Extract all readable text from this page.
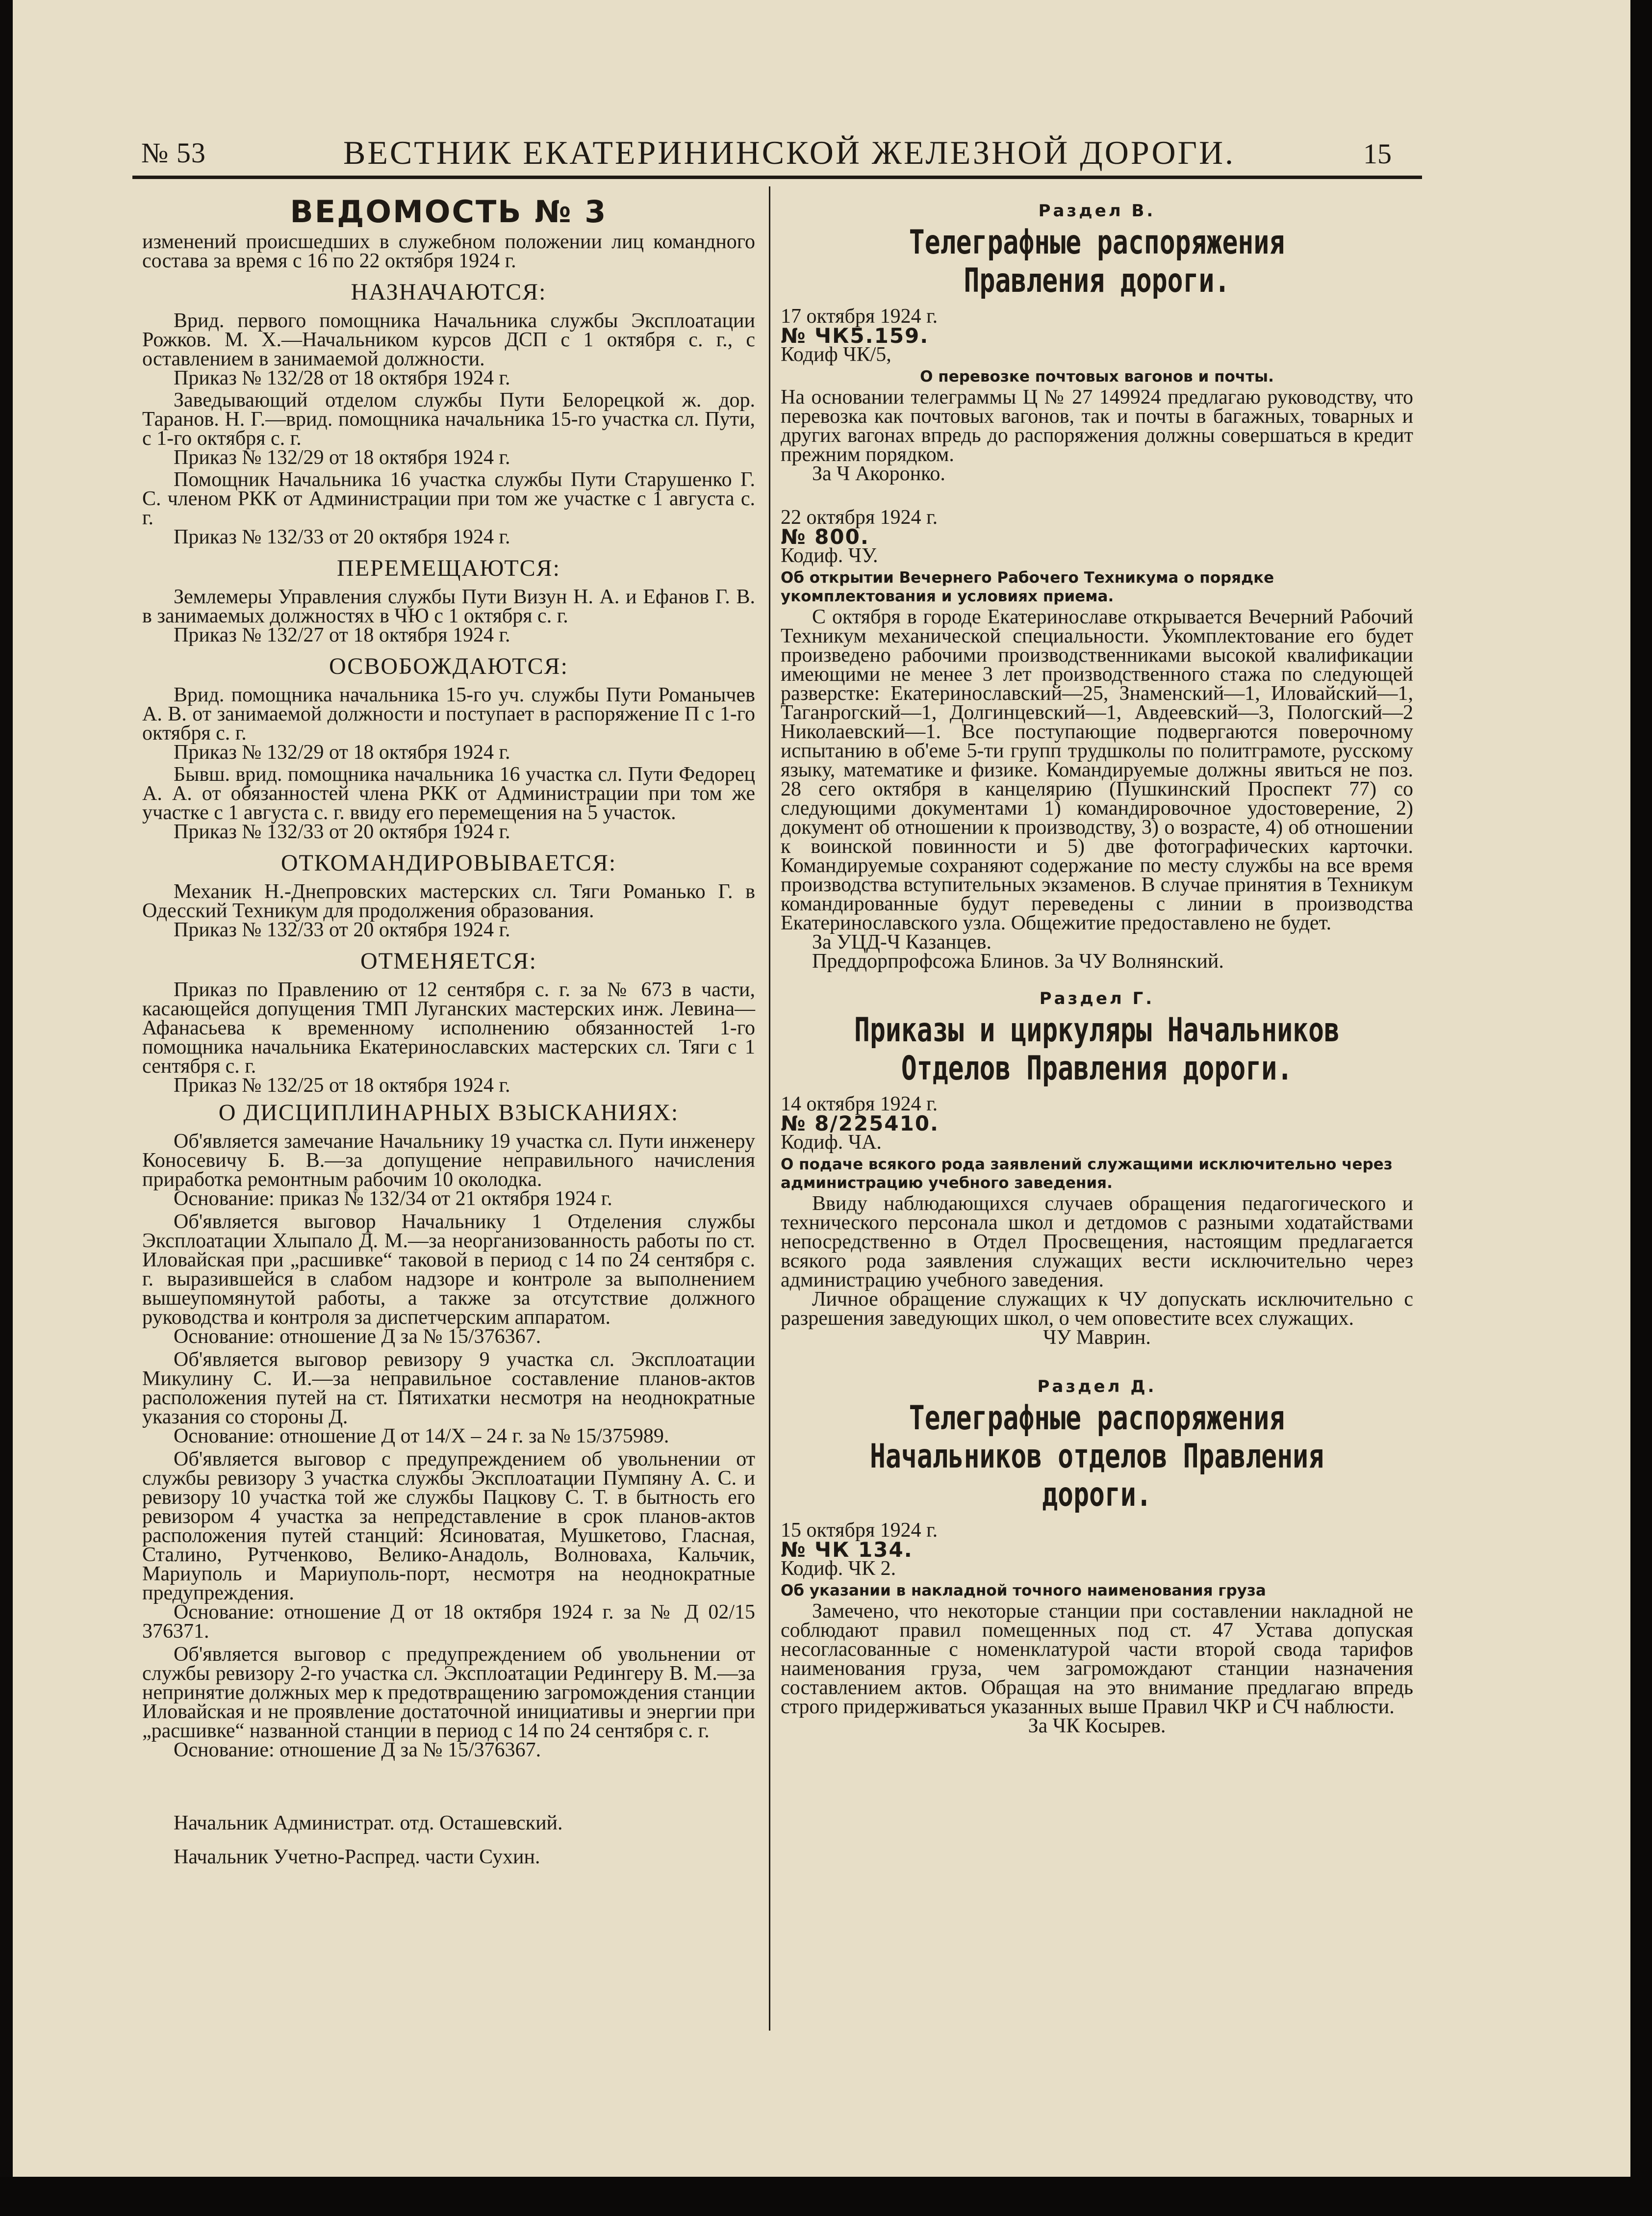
№ 53	ВЕСТНИК ЕКАТЕРИНИНСКОЙ ЖЕЛЕЗНОЙ ДОРОГИ.	15
ВЕДОМОСТЬ № 3

изменений происшедших в служебном положении лиц командного состава за время с 16 по 22 октября 1924 г.

НАЗНАЧАЮТСЯ:

Врид. первого помощника Начальника службы Эксплоатации Рожков. М. Х.—Начальником курсов ДСП с 1 октября с. г., с оставлением в занимаемой должности.

Приказ № 132/28 от 18 октября 1924 г.

Заведывающий отделом службы Пути Белорецкой ж. дор. Таранов. Н. Г.—врид. помощника начальника 15-го участка сл. Пути, с 1-го октября с. г.

Приказ № 132/29 от 18 октября 1924 г.

Помощник Начальника 16 участка службы Пути Старушенко Г. С. членом РКК от Администрации при том же участке с 1 августа с. г.

Приказ № 132/33 от 20 октября 1924 г.

ПЕРЕМЕЩАЮТСЯ:

Землемеры Управления службы Пути Визун Н. А. и Ефанов Г. В. в занимаемых должностях в ЧЮ с 1 октября с. г.

Приказ № 132/27 от 18 октября 1924 г.

ОСВОБОЖДАЮТСЯ:

Врид. помощника начальника 15-го уч. службы Пути Романычев А. В. от занимаемой должности и поступает в распоряжение П с 1-го октября с. г.

Приказ № 132/29 от 18 октября 1924 г.

Бывш. врид. помощника начальника 16 участка сл. Пути Федорец А. А. от обязанностей члена РКК от Администрации при том же участке с 1 августа с. г. ввиду его перемещения на 5 участок.

Приказ № 132/33 от 20 октября 1924 г.

ОТКОМАНДИРОВЫВАЕТСЯ:

Механик Н.-Днепровских мастерских сл. Тяги Романько Г. в Одесский Техникум для продолжения образования.

Приказ № 132/33 от 20 октября 1924 г.

ОТМЕНЯЕТСЯ:

Приказ по Правлению от 12 сентября с. г. за № 673 в части, касающейся допущения ТМП Луганских мастерских инж. Левина—Афанасьева к временному исполнению обязанностей 1-го помощника начальника Екатеринославских мастерских сл. Тяги с 1 сентября с. г.

Приказ № 132/25 от 18 октября 1924 г.

О ДИСЦИПЛИНАРНЫХ ВЗЫСКАНИЯХ:

Об'является замечание Начальнику 19 участка сл. Пути инженеру Коносевичу Б. В.—за допущение неправильного начисления приработка ремонтным рабочим 10 околодка.

Основание: приказ № 132/34 от 21 октября 1924 г.

Об'является выговор Начальнику 1 Отделения службы Эксплоатации Хлыпало Д. М.—за неорганизованность работы по ст. Иловайская при „расшивке“ таковой в период с 14 по 24 сентября с. г. выразившейся в слабом надзоре и контроле за выполнением вышеупомянутой работы, а также за отсутствие должного руководства и контроля за диспетчерским аппаратом.

Основание: отношение Д за № 15/376367.

Об'является выговор ревизору 9 участка сл. Эксплоатации Микулину С. И.—за неправильное составление планов-актов расположения путей на ст. Пятихатки несмотря на неоднократные указания со стороны Д.

Основание: отношение Д от 14/X – 24 г. за № 15/375989.

Об'является выговор с предупреждением об увольнении от службы ревизору 3 участка службы Эксплоатации Пумпяну А. С. и ревизору 10 участка той же службы Пацкову С. Т. в бытность его ревизором 4 участка за непредставление в срок планов-актов расположения путей станций: Ясиноватая, Мушкетово, Гласная, Сталино, Рутченково, Велико-Анадоль, Волноваха, Кальчик, Мариуполь и Мариуполь-порт, несмотря на неоднократные предупреждения.

Основание: отношение Д от 18 октября 1924 г. за № Д 02/15 376371.

Об'является выговор с предупреждением об увольнении от службы ревизору 2-го участка сл. Эксплоатации Редингеру В. М.—за непринятие должных мер к предотвращению загромождения станции Иловайская и не проявление достаточной инициативы и энергии при „расшивке“ названной станции в период с 14 по 24 сентября с. г.

Основание: отношение Д за № 15/376367.

Начальник Администрат. отд. Осташевский.

Начальник Учетно-Распред. части Сухин.

Раздел В.
Телеграфные распоряжения Правления дороги.

17 октября 1924 г.

№ ЧК5.159.

Кодиф ЧК/5,

О перевозке почтовых вагонов и почты.

На основании телеграммы Ц № 27 149924 предлагаю руководству, что перевозка как почтовых вагонов, так и почты в багажных, товарных и других вагонах впредь до распоряжения должны совершаться в кредит прежним порядком.

За Ч Акоронко.

22 октября 1924 г.

№ 800.

Кодиф. ЧУ.

Об открытии Вечернего Рабочего Техникума о порядке укомплектования и условиях приема.

С октября в городе Екатеринославе открывается Вечерний Рабочий Техникум механической специальности. Укомплектование его будет произведено рабочими производственниками высокой квалификации имеющими не менее 3 лет производственного стажа по следующей разверстке: Екатеринославский—25, Знаменский—1, Иловайский—1, Таганрогский—1, Долгинцевский—1, Авдеевский—3, Пологский—2 Николаевский—1. Все поступающие подвергаются поверочному испытанию в об'еме 5-ти групп трудшколы по политграмоте, русскому языку, математике и физике. Командируемые должны явиться не поз. 28 сего октября в канцелярию (Пушкинский Проспект 77) со следующими документами 1) командировочное удостоверение, 2) документ об отношении к производству, 3) о возрасте, 4) об отношении к воинской повинности и 5) две фотографических карточки. Командируемые сохраняют содержание по месту службы на все время производства вступительных экзаменов. В случае принятия в Техникум командированные будут переведены с линии в производства Екатеринославского узла. Общежитие предоставлено не будет.

За УЦД-Ч Казанцев.

Преддорпрофсожа Блинов. За ЧУ Волнянский.

Раздел Г.
Приказы и циркуляры Начальников Отделов Правления дороги.

14 октября 1924 г.

№ 8/225410.

Кодиф. ЧА.

О подаче всякого рода заявлений служащими исключительно через администрацию учебного заведения.

Ввиду наблюдающихся случаев обращения педагогического и технического персонала школ и детдомов с разными ходатайствами непосредственно в Отдел Просвещения, настоящим предлагается всякого рода заявления служащих вести исключительно через администрацию учебного заведения.

Личное обращение служащих к ЧУ допускать исключительно с разрешения заведующих школ, о чем оповестите всех служащих.

ЧУ Маврин.

Раздел Д.
Телеграфные распоряжения Начальников отделов Правления дороги.

15 октября 1924 г.

№ ЧК 134.

Кодиф. ЧК 2.

Об указании в накладной точного наименования груза

Замечено, что некоторые станции при составлении накладной не соблюдают правил помещенных под ст. 47 Устава допуская несогласованные с номенклатурой части второй свода тарифов наименования груза, чем загромождают станции назначения составлением актов. Обращая на это внимание предлагаю впредь строго придерживаться указанных выше Правил ЧКР и СЧ наблюсти.

За ЧК Косырев.
